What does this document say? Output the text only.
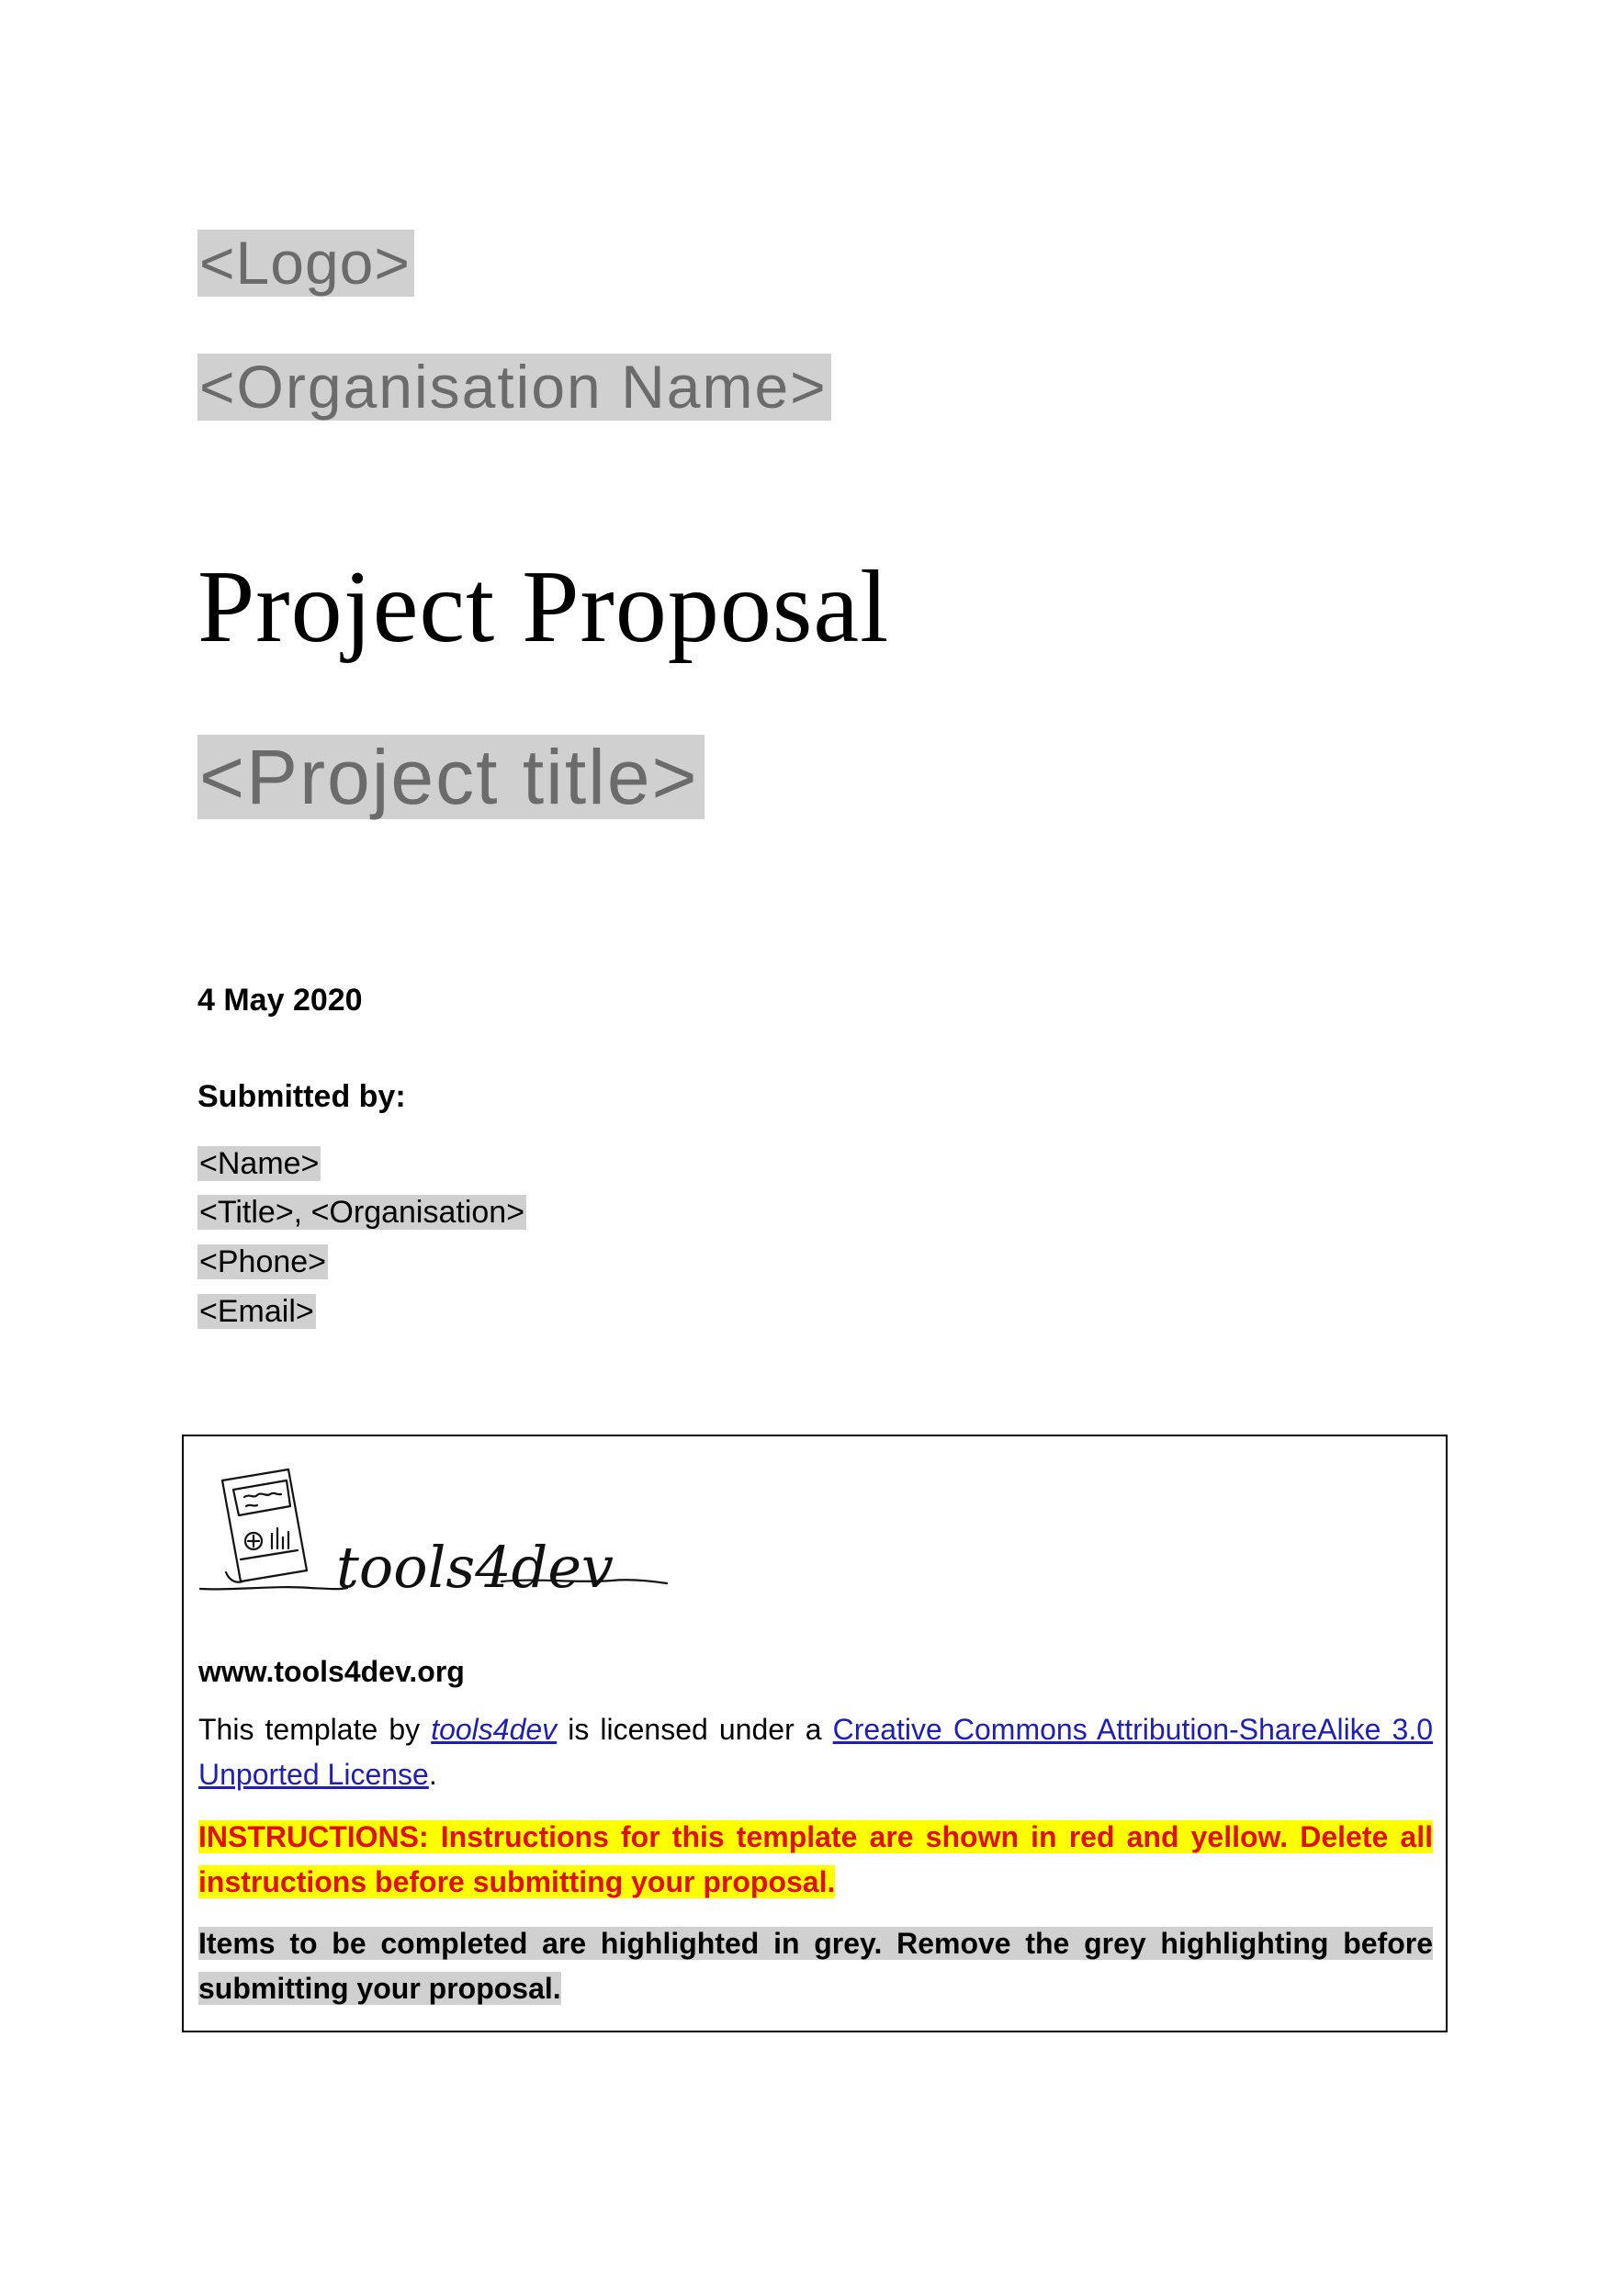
<Logo>
<Organisation Name>
Project Proposal
<Project title>
4 May 2020
Submitted by:
<Name>
<Title>, <Organisation>
<Phone>
<Email>
tools4dev
www.tools4dev.org
This template by tools4dev is licensed under a Creative Commons Attribution-ShareAlike 3.0 Unported License.
INSTRUCTIONS: Instructions for this template are shown in red and yellow. Delete all instructions before submitting your proposal.
Items to be completed are highlighted in grey. Remove the grey highlighting before submitting your proposal.
